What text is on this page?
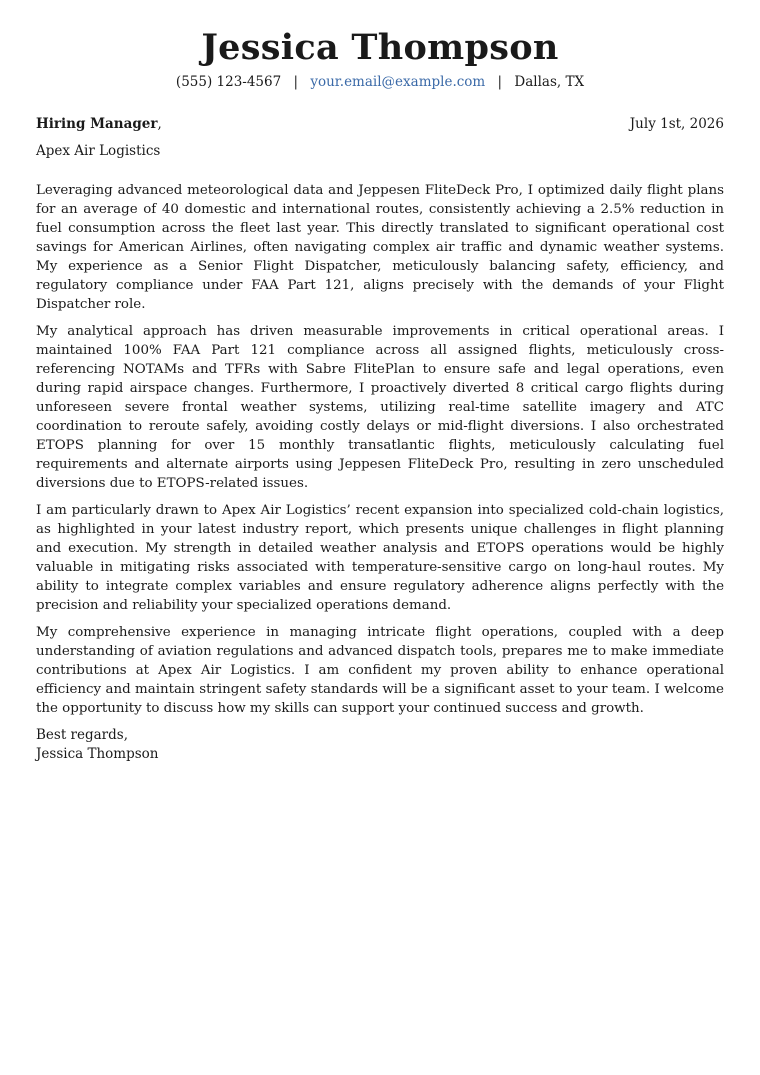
Jessica Thompson
(555) 123-4567 | your.email@example.com | Dallas, TX
Hiring Manager,	July 1st, 2026
Apex Air Logistics

Leveraging advanced meteorological data and Jeppesen FliteDeck Pro, I optimized daily flight plans for an average of 40 domestic and international routes, consistently achieving a 2.5% reduction in fuel consumption across the fleet last year. This directly translated to significant operational cost savings for American Airlines, often navigating complex air traffic and dynamic weather systems. My experience as a Senior Flight Dispatcher, meticulously balancing safety, efficiency, and regulatory compliance under FAA Part 121, aligns precisely with the demands of your Flight Dispatcher role.

My analytical approach has driven measurable improvements in critical operational areas. I maintained 100% FAA Part 121 compliance across all assigned flights, meticulously cross-referencing NOTAMs and TFRs with Sabre FlitePlan to ensure safe and legal operations, even during rapid airspace changes. Furthermore, I proactively diverted 8 critical cargo flights during unforeseen severe frontal weather systems, utilizing real-time satellite imagery and ATC coordination to reroute safely, avoiding costly delays or mid-flight diversions. I also orchestrated ETOPS planning for over 15 monthly transatlantic flights, meticulously calculating fuel requirements and alternate airports using Jeppesen FliteDeck Pro, resulting in zero unscheduled diversions due to ETOPS-related issues.

I am particularly drawn to Apex Air Logistics’ recent expansion into specialized cold-chain logistics, as highlighted in your latest industry report, which presents unique challenges in flight planning and execution. My strength in detailed weather analysis and ETOPS operations would be highly valuable in mitigating risks associated with temperature-sensitive cargo on long-haul routes. My ability to integrate complex variables and ensure regulatory adherence aligns perfectly with the precision and reliability your specialized operations demand.

My comprehensive experience in managing intricate flight operations, coupled with a deep understanding of aviation regulations and advanced dispatch tools, prepares me to make immediate contributions at Apex Air Logistics. I am confident my proven ability to enhance operational efficiency and maintain stringent safety standards will be a significant asset to your team. I welcome the opportunity to discuss how my skills can support your continued success and growth.

Best regards,
Jessica Thompson
